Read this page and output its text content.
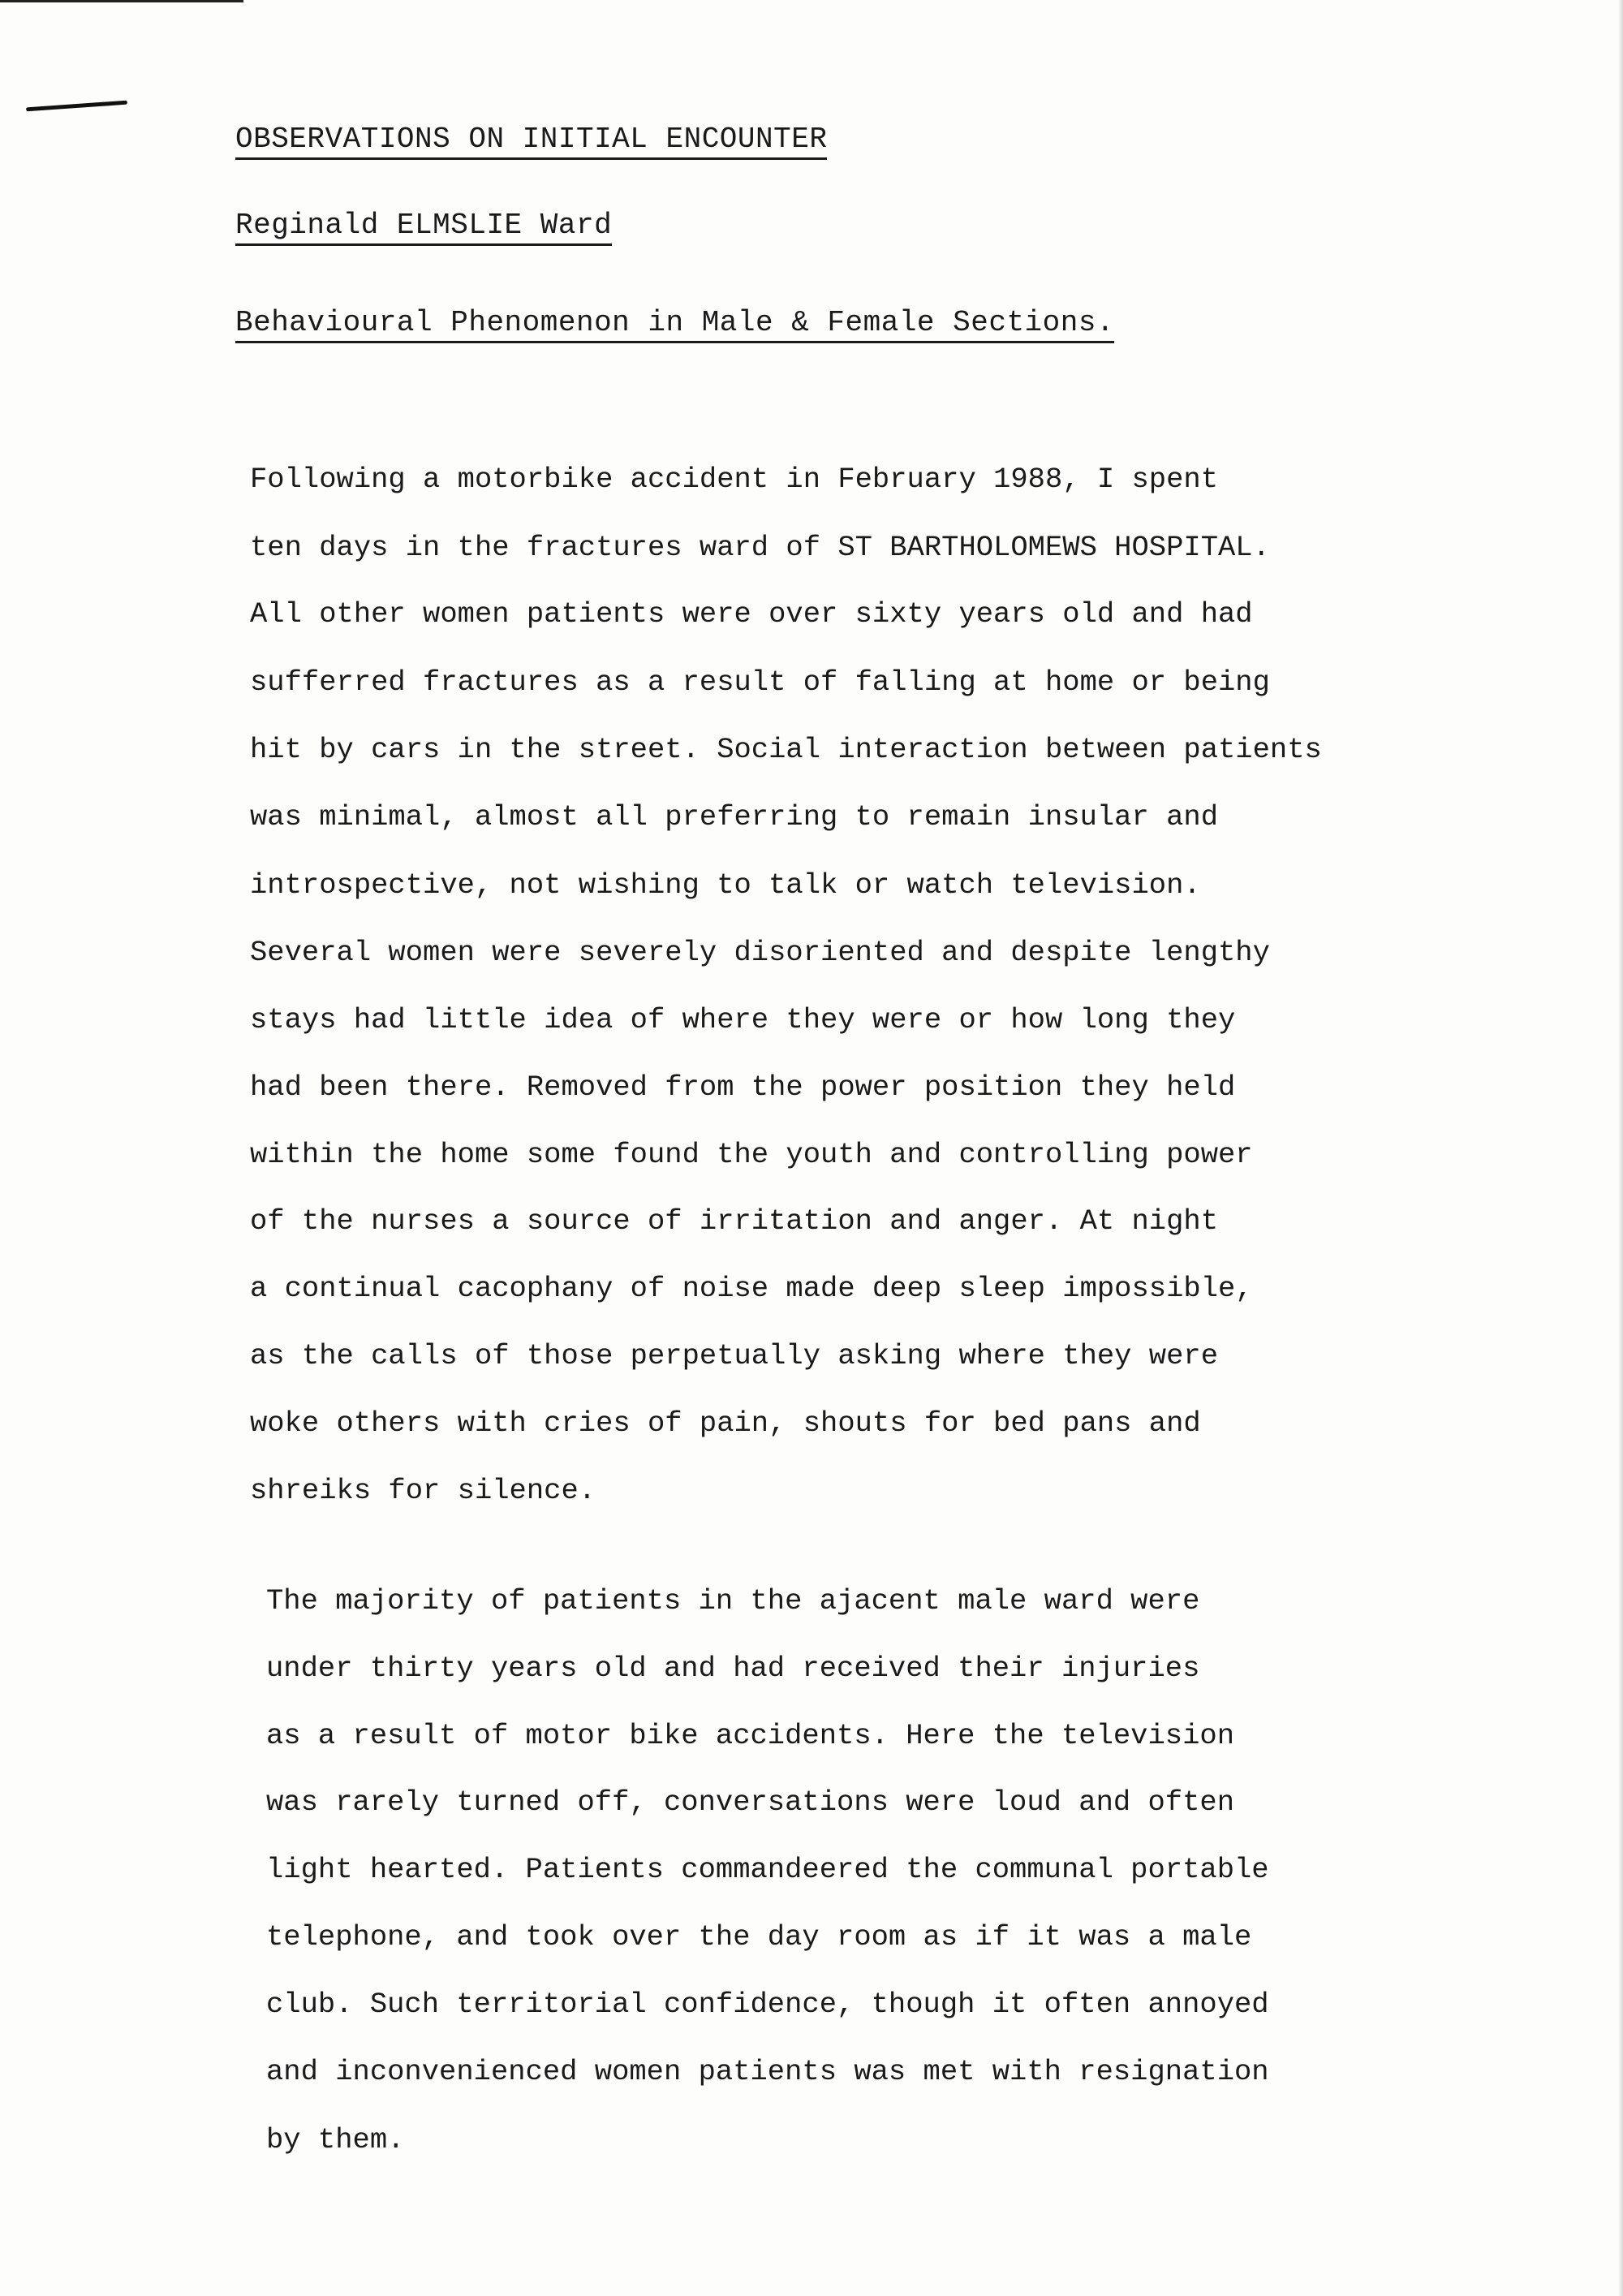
OBSERVATIONS ON INITIAL ENCOUNTER
Reginald ELMSLIE Ward
Behavioural Phenomenon in Male & Female Sections.
Following a motorbike accident in February 1988, I spent
ten days in the fractures ward of ST BARTHOLOMEWS HOSPITAL.
All other women patients were over sixty years old and had
sufferred fractures as a result of falling at home or being
hit by cars in the street. Social interaction between patients
was minimal, almost all preferring to remain insular and
introspective, not wishing to talk or watch television.
Several women were severely disoriented and despite lengthy
stays had little idea of where they were or how long they
had been there. Removed from the power position they held
within the home some found the youth and controlling power
of the nurses a source of irritation and anger. At night
a continual cacophany of noise made deep sleep impossible,
as the calls of those perpetually asking where they were
woke others with cries of pain, shouts for bed pans and
shreiks for silence.
The majority of patients in the ajacent male ward were
under thirty years old and had received their injuries
as a result of motor bike accidents. Here the television
was rarely turned off, conversations were loud and often
light hearted. Patients commandeered the communal portable
telephone, and took over the day room as if it was a male
club. Such territorial confidence, though it often annoyed
and inconvenienced women patients was met with resignation
by them.
